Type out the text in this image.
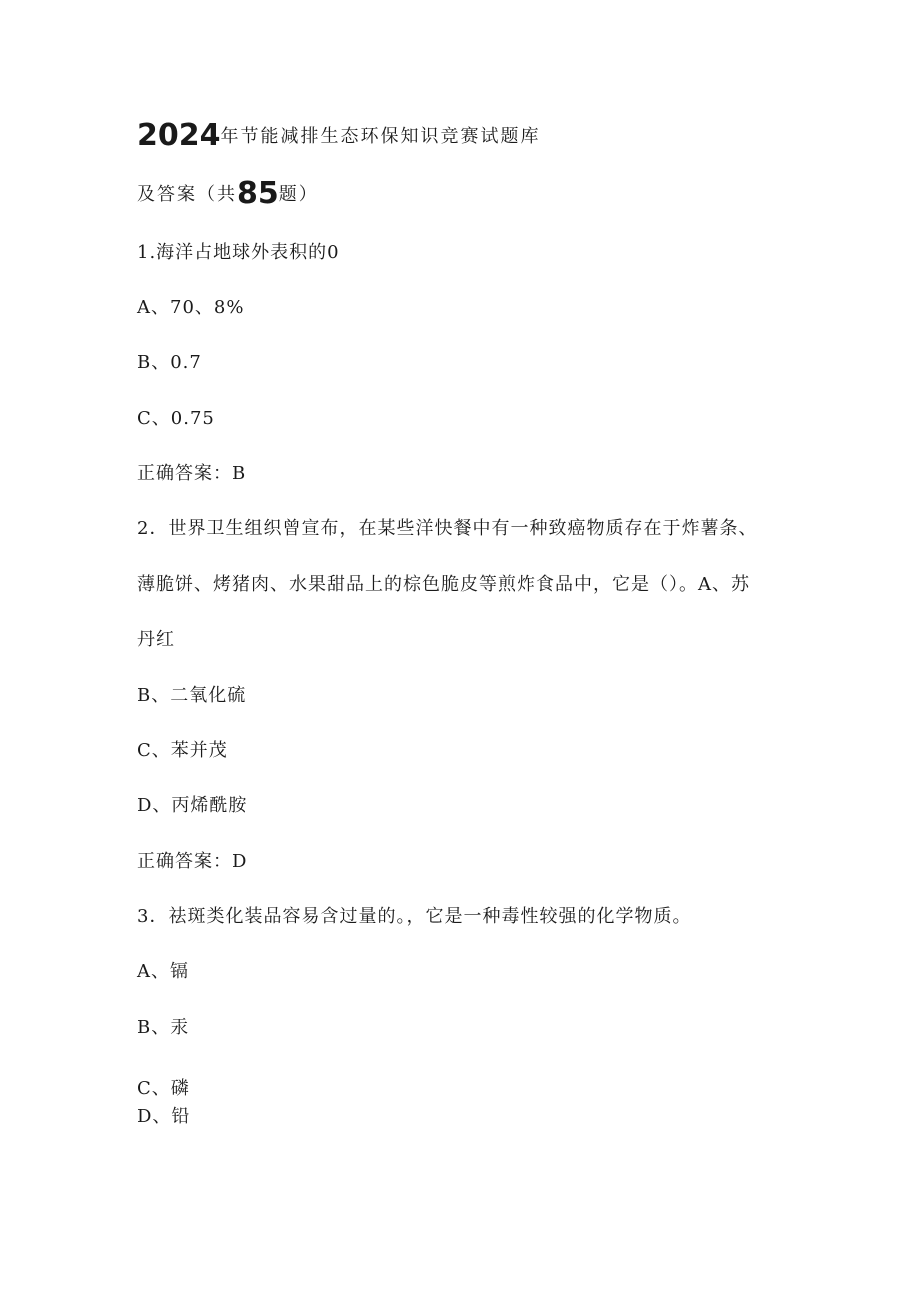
2024年节能减排生态环保知识竞赛试题库
及答案（共85题）
1.海洋占地球外表积的0
A、70、8%
B、0.7
C、0.75
正确答案：B
2．世界卫生组织曾宣布，在某些洋快餐中有一种致癌物质存在于炸薯条、
薄脆饼、烤猪肉、水果甜品上的棕色脆皮等煎炸食品中，它是（）。A、苏
丹红
B、二氧化硫
C、苯并茂
D、丙烯酰胺
正确答案：D
3．祛斑类化装品容易含过量的。，它是一种毒性较强的化学物质。
A、镉
B、汞
C、磷
D、铅
